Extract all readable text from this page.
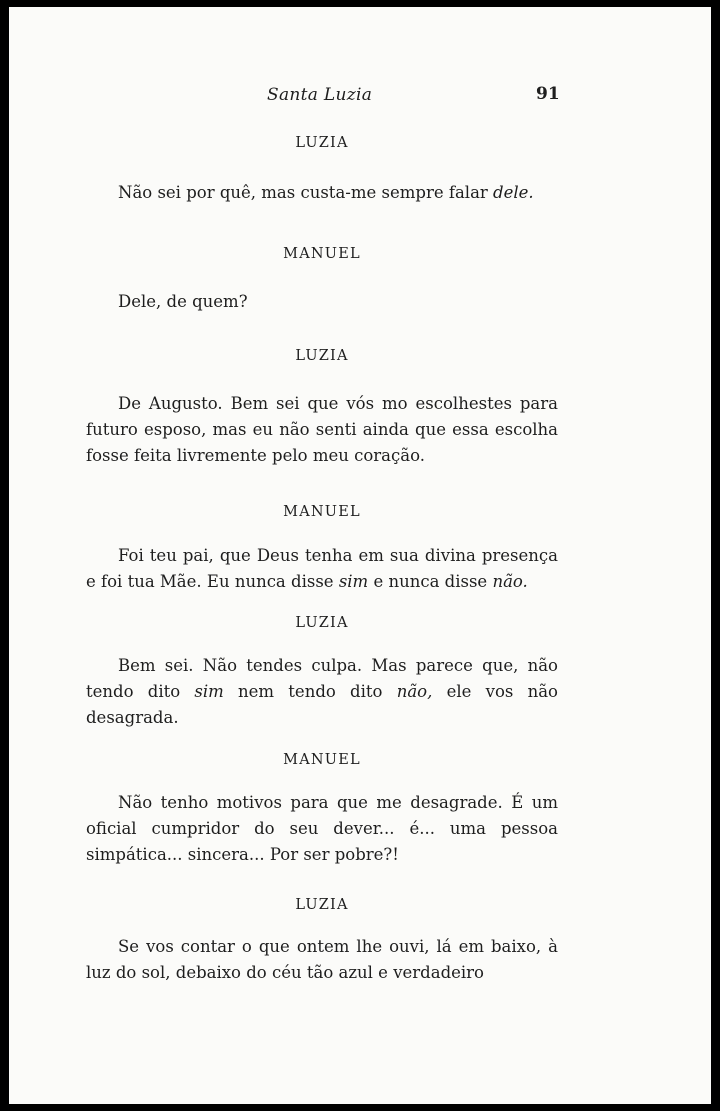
Santa Luzia	91
LUZIA

Não sei por quê, mas custa-me sempre falar dele.

MANUEL

Dele, de quem?

LUZIA

De Augusto. Bem sei que vós mo escolhestes para futuro esposo, mas eu não senti ainda que essa escolha fosse feita livremente pelo meu coração.

MANUEL

Foi teu pai, que Deus tenha em sua divina presença e foi tua Mãe. Eu nunca disse sim e nunca disse não.

LUZIA

Bem sei. Não tendes culpa. Mas parece que, não tendo dito sim nem tendo dito não, ele vos não desagrada.

MANUEL

Não tenho motivos para que me desagrade. É um oficial cumpridor do seu dever... é... uma pessoa simpática... sincera... Por ser pobre?!

LUZIA

Se vos contar o que ontem lhe ouvi, lá em baixo, à luz do sol, debaixo do céu tão azul e verdadeiro
